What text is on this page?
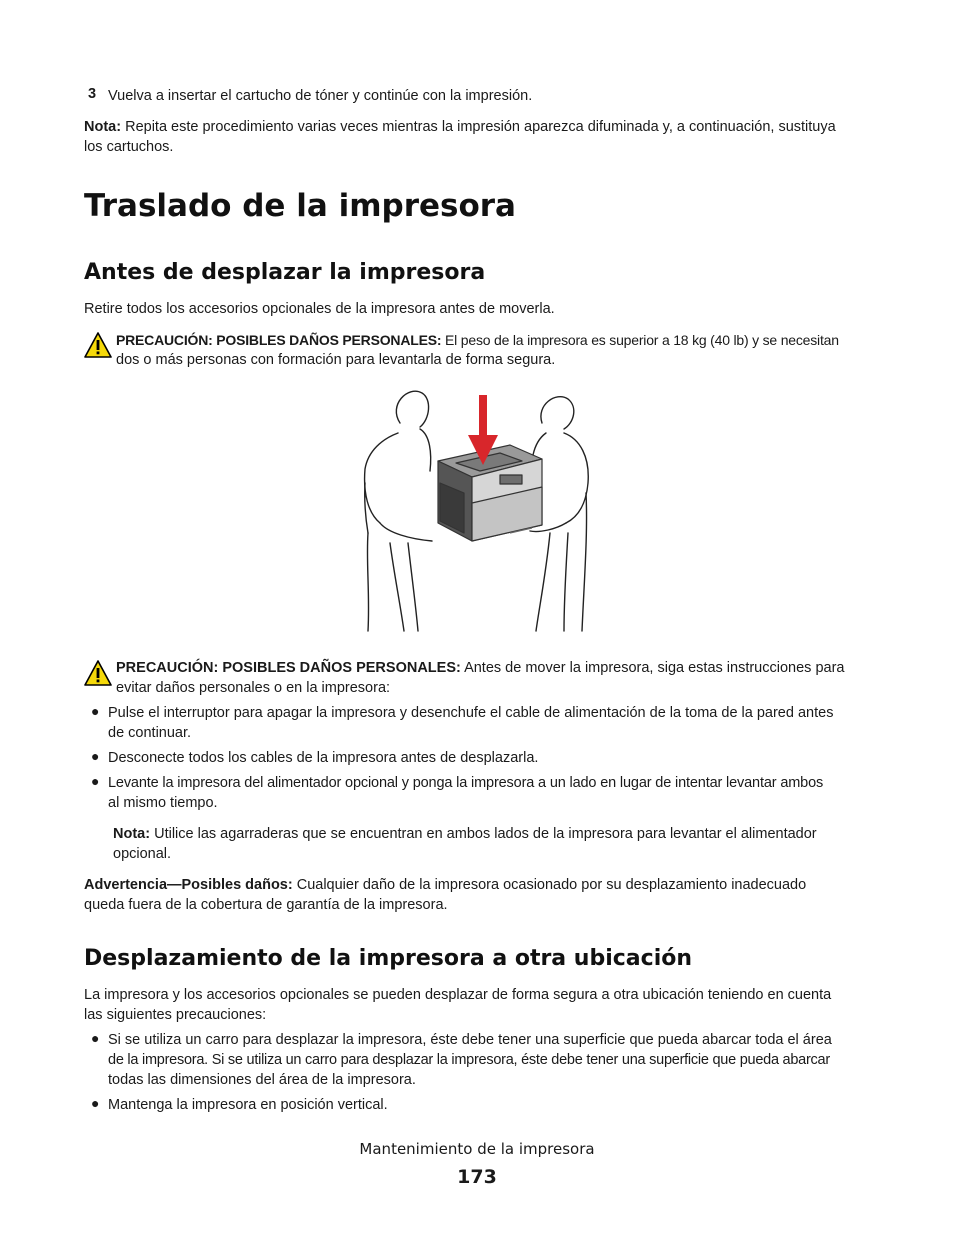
3 Vuelva a insertar el cartucho de tóner y continúe con la impresión.
Nota: Repita este procedimiento varias veces mientras la impresión aparezca difuminada y, a continuación, sustituya
los cartuchos.
Traslado de la impresora
Antes de desplazar la impresora
Retire todos los accesorios opcionales de la impresora antes de moverla.
PRECAUCIÓN: POSIBLES DAÑOS PERSONALES: El peso de la impresora es superior a 18 kg (40 lb) y se necesitan
dos o más personas con formación para levantarla de forma segura.
PRECAUCIÓN: POSIBLES DAÑOS PERSONALES: Antes de mover la impresora, siga estas instrucciones para
evitar daños personales o en la impresora:
● Pulse el interruptor para apagar la impresora y desenchufe el cable de alimentación de la toma de la pared antes
de continuar.
● Desconecte todos los cables de la impresora antes de desplazarla.
● Levante la impresora del alimentador opcional y ponga la impresora a un lado en lugar de intentar levantar ambos
al mismo tiempo.
Nota: Utilice las agarraderas que se encuentran en ambos lados de la impresora para levantar el alimentador
opcional.
Advertencia—Posibles daños: Cualquier daño de la impresora ocasionado por su desplazamiento inadecuado
queda fuera de la cobertura de garantía de la impresora.
Desplazamiento de la impresora a otra ubicación
La impresora y los accesorios opcionales se pueden desplazar de forma segura a otra ubicación teniendo en cuenta
las siguientes precauciones:
● Si se utiliza un carro para desplazar la impresora, éste debe tener una superficie que pueda abarcar toda el área
de la impresora. Si se utiliza un carro para desplazar la impresora, éste debe tener una superficie que pueda abarcar
todas las dimensiones del área de la impresora.
● Mantenga la impresora en posición vertical.
Mantenimiento de la impresora
173
